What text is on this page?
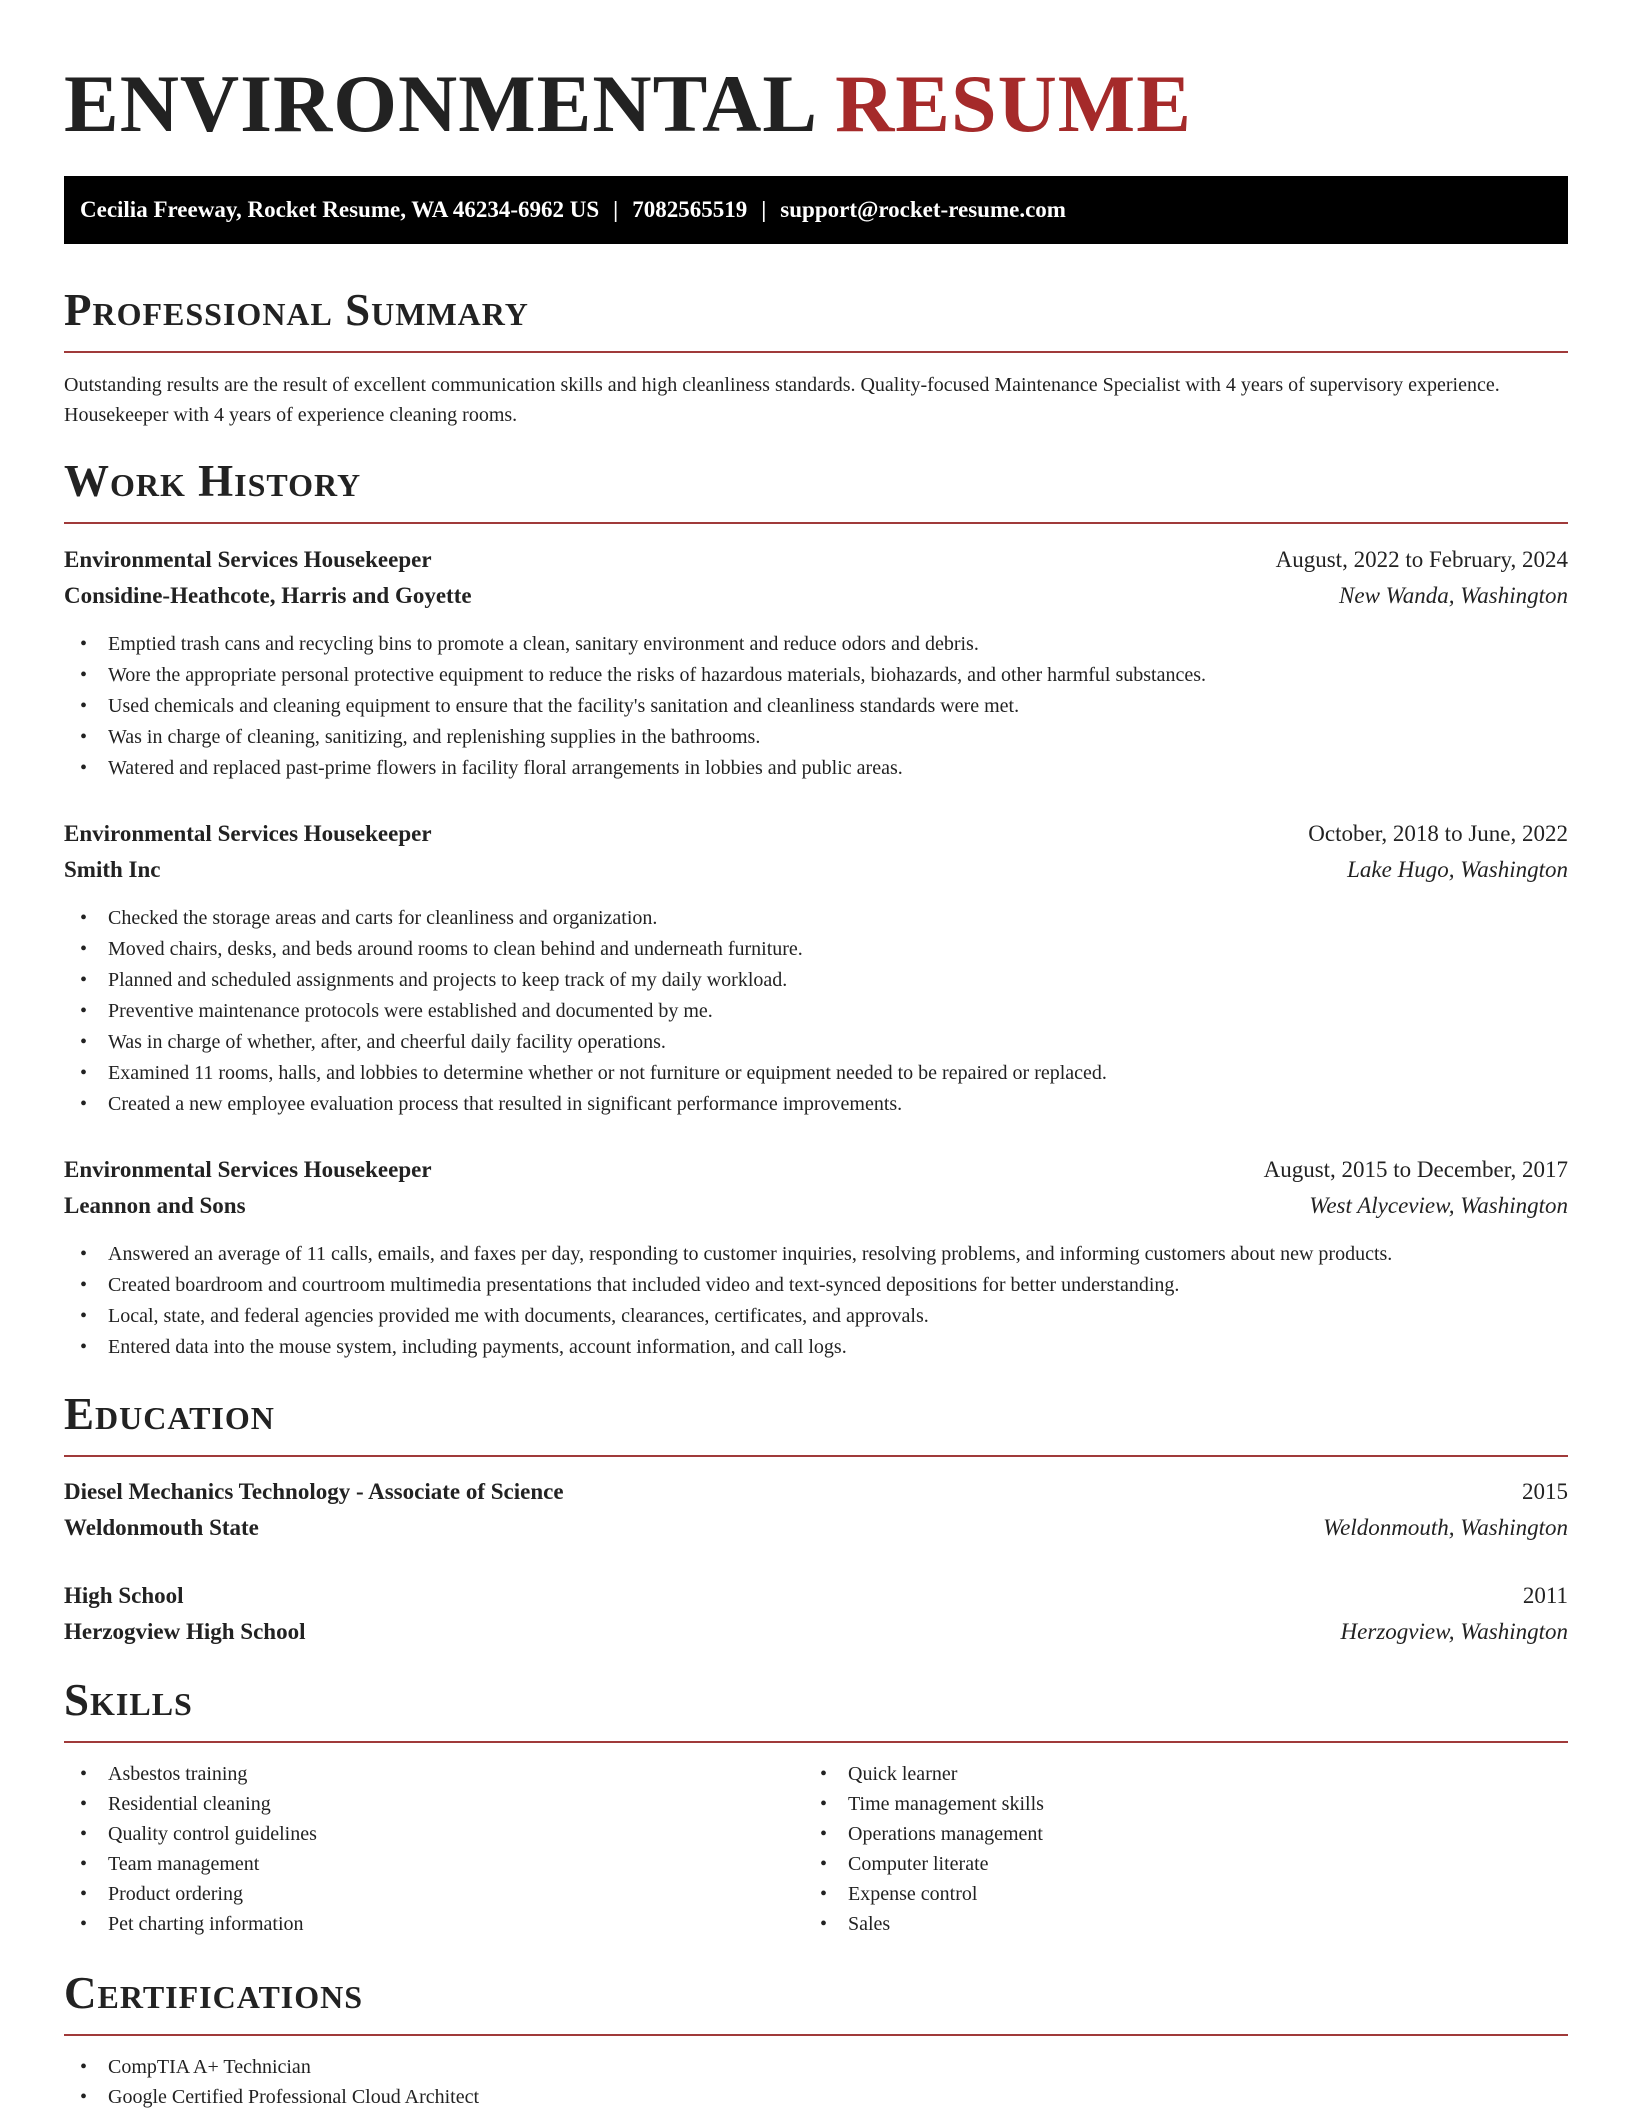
ENVIRONMENTAL RESUME
Cecilia Freeway, Rocket Resume, WA 46234-6962 US | 7082565519 | support@rocket-resume.com
Professional Summary

Outstanding results are the result of excellent communication skills and high cleanliness standards. Quality-focused Maintenance Specialist with 4 years of supervisory experience. Housekeeper with 4 years of experience cleaning rooms.

Work History
Environmental Services Housekeeper	August, 2022 to February, 2024
Considine-Heathcote, Harris and Goyette	New Wanda, Washington
• Emptied trash cans and recycling bins to promote a clean, sanitary environment and reduce odors and debris.
• Wore the appropriate personal protective equipment to reduce the risks of hazardous materials, biohazards, and other harmful substances.
• Used chemicals and cleaning equipment to ensure that the facility's sanitation and cleanliness standards were met.
• Was in charge of cleaning, sanitizing, and replenishing supplies in the bathrooms.
• Watered and replaced past-prime flowers in facility floral arrangements in lobbies and public areas.
Environmental Services Housekeeper	October, 2018 to June, 2022
Smith Inc	Lake Hugo, Washington
• Checked the storage areas and carts for cleanliness and organization.
• Moved chairs, desks, and beds around rooms to clean behind and underneath furniture.
• Planned and scheduled assignments and projects to keep track of my daily workload.
• Preventive maintenance protocols were established and documented by me.
• Was in charge of whether, after, and cheerful daily facility operations.
• Examined 11 rooms, halls, and lobbies to determine whether or not furniture or equipment needed to be repaired or replaced.
• Created a new employee evaluation process that resulted in significant performance improvements.
Environmental Services Housekeeper	August, 2015 to December, 2017
Leannon and Sons	West Alyceview, Washington
• Answered an average of 11 calls, emails, and faxes per day, responding to customer inquiries, resolving problems, and informing customers about new products.
• Created boardroom and courtroom multimedia presentations that included video and text-synced depositions for better understanding.
• Local, state, and federal agencies provided me with documents, clearances, certificates, and approvals.
• Entered data into the mouse system, including payments, account information, and call logs.
Education
Diesel Mechanics Technology - Associate of Science	2015
Weldonmouth State	Weldonmouth, Washington
High School	2011
Herzogview High School	Herzogview, Washington
Skills
• Asbestos training
• Residential cleaning
• Quality control guidelines
• Team management
• Product ordering
• Pet charting information
• Quick learner
• Time management skills
• Operations management
• Computer literate
• Expense control
• Sales
Certifications
• CompTIA A+ Technician
• Google Certified Professional Cloud Architect
